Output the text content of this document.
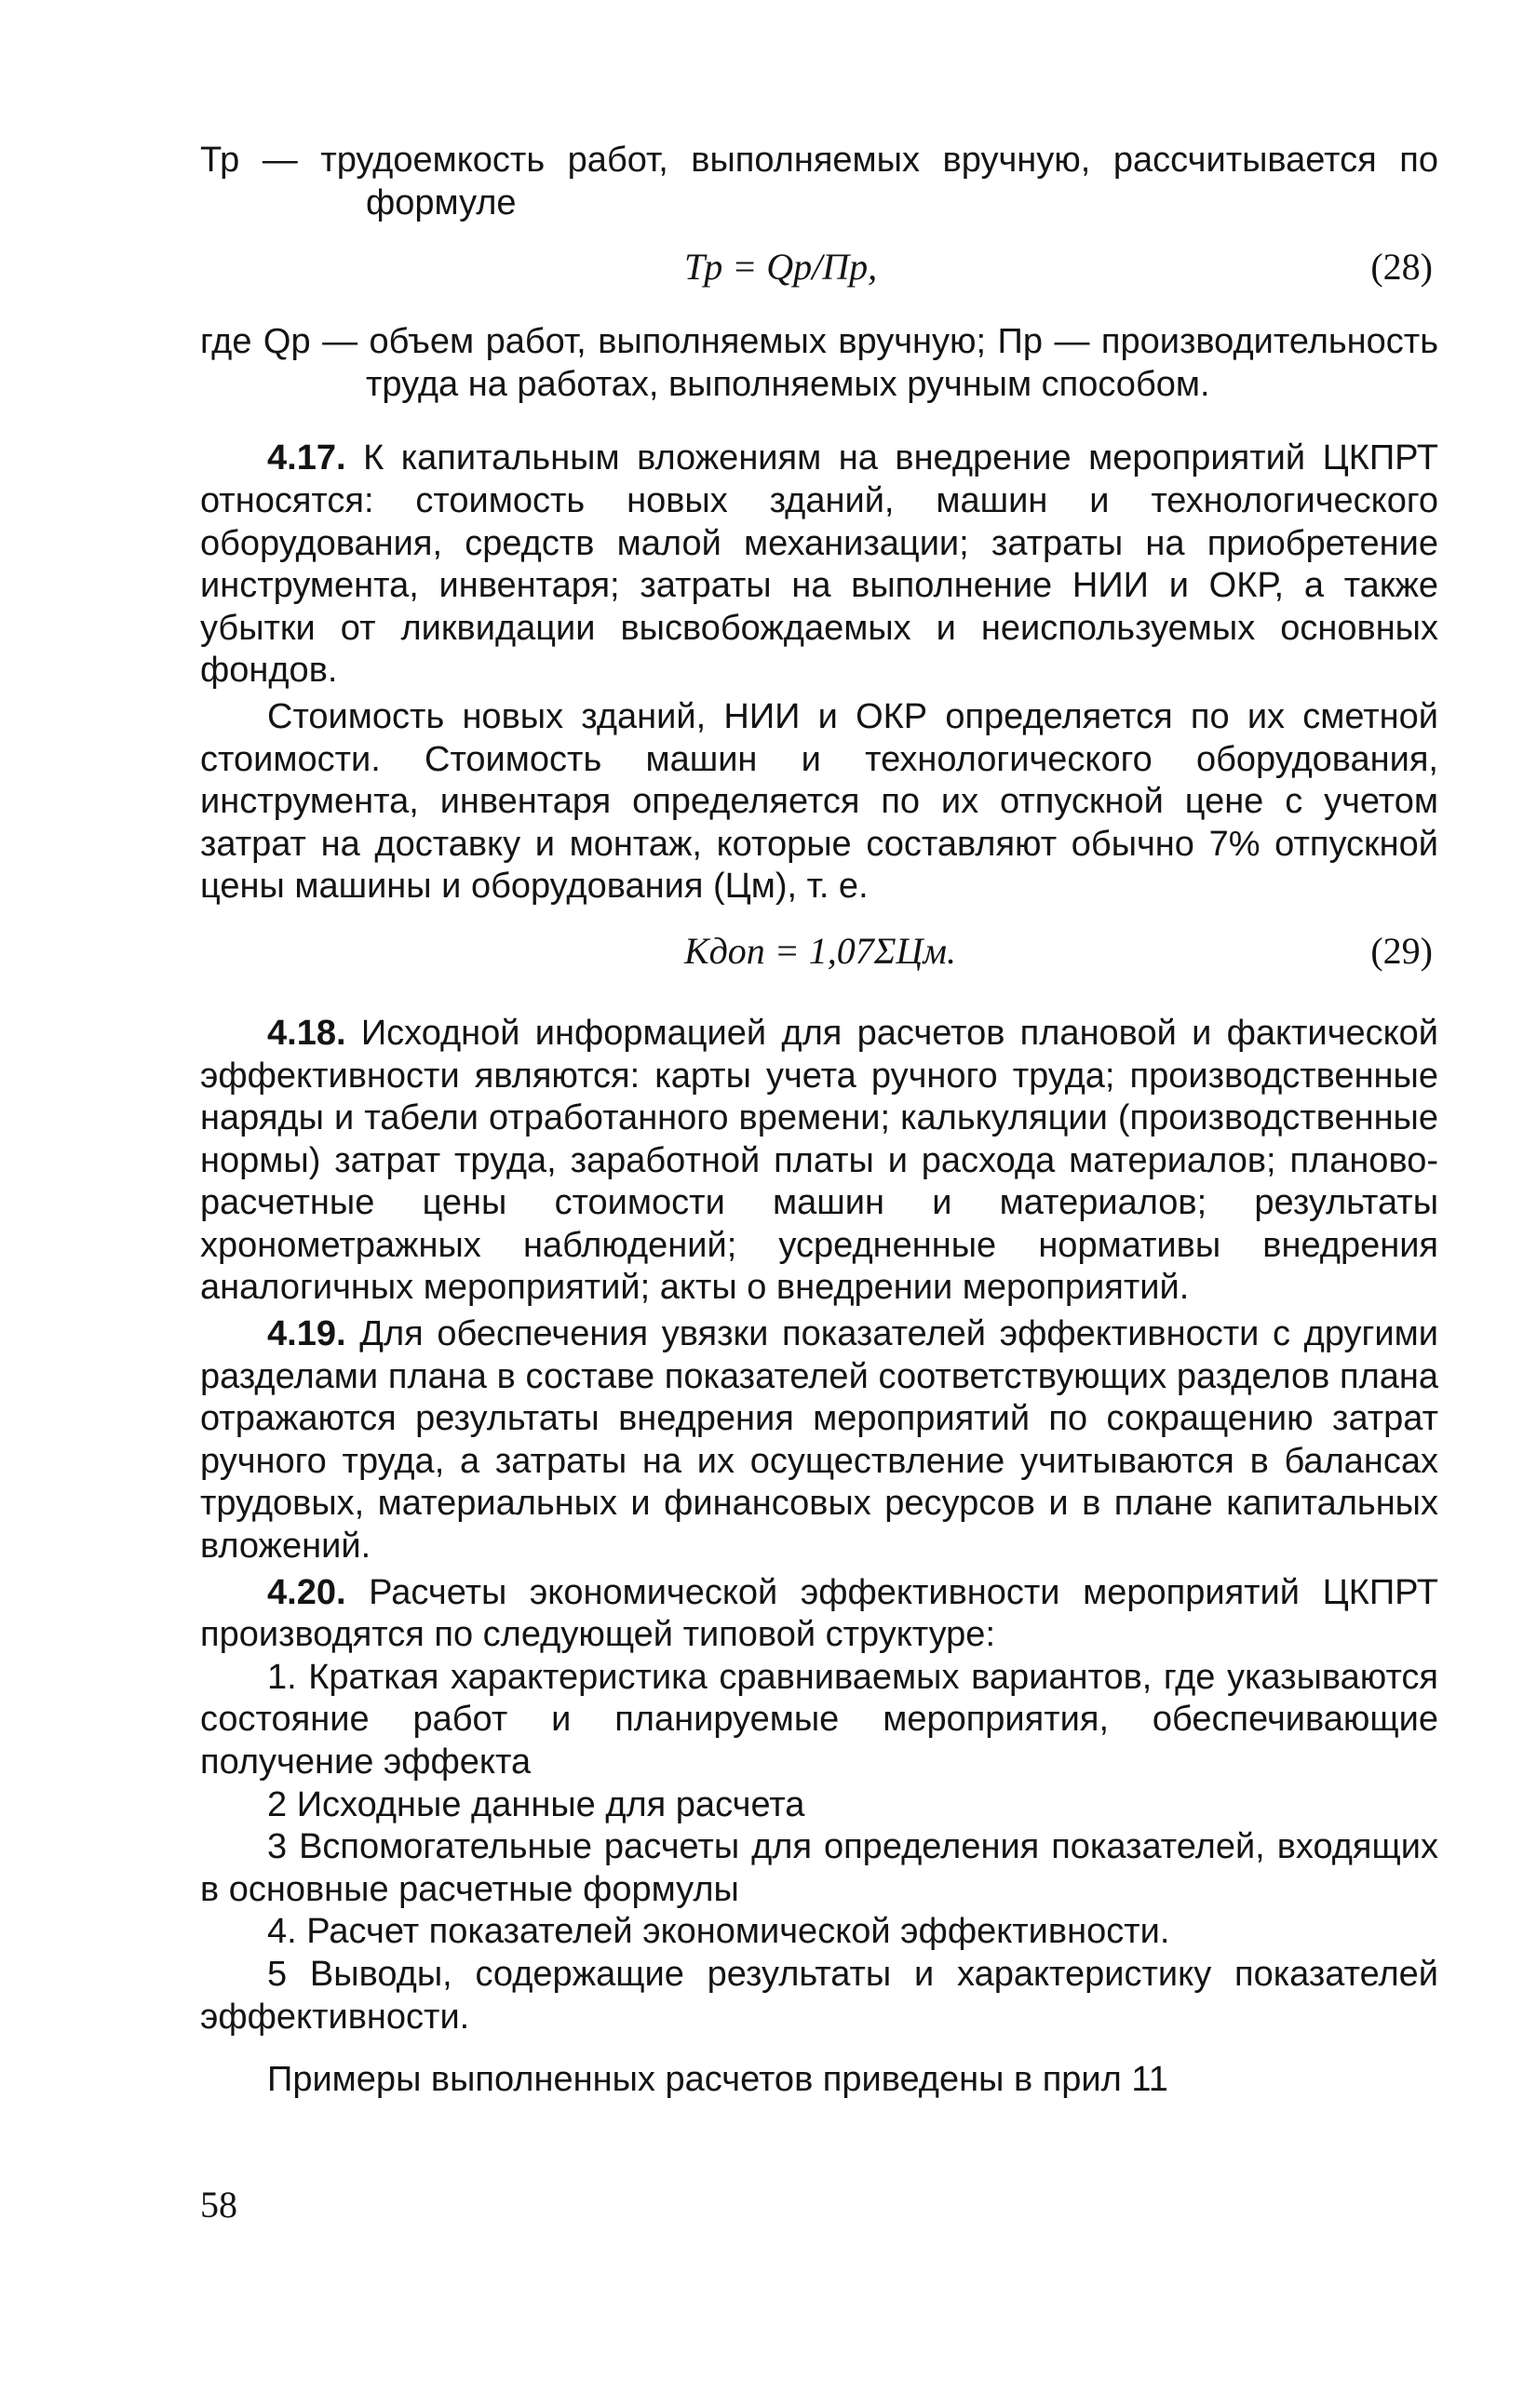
Тр — трудоемкость работ, выполняемых вручную, рассчитывается по формуле

Тр = Qр/Пр,	(28)

где Qр — объем работ, выполняемых вручную; Пр — производительность труда на работах, выполняемых ручным способом.

4.17. К капитальным вложениям на внедрение мероприятий ЦКПРТ относятся: стоимость новых зданий, машин и технологического оборудования, средств малой механизации; затраты на приобретение инструмента, инвентаря; затраты на выполнение НИИ и ОКР, а также убытки от ликвидации высвобождаемых и неиспользуемых основных фондов.

Стоимость новых зданий, НИИ и ОКР определяется по их сметной стоимости. Стоимость машин и технологического оборудования, инструмента, инвентаря определяется по их отпускной цене с учетом затрат на доставку и монтаж, которые составляют обычно 7% отпускной цены машины и оборудования (Цм), т. е.

Кдоп = 1,07ΣЦм.	(29)

4.18. Исходной информацией для расчетов плановой и фактической эффективности являются: карты учета ручного труда; производственные наряды и табели отработанного времени; калькуляции (производственные нормы) затрат труда, заработной платы и расхода материалов; планово-расчетные цены стоимости машин и материалов; результаты хронометражных наблюдений; усредненные нормативы внедрения аналогичных мероприятий; акты о внедрении мероприятий.

4.19. Для обеспечения увязки показателей эффективности с другими разделами плана в составе показателей соответствующих разделов плана отражаются результаты внедрения мероприятий по сокращению затрат ручного труда, а затраты на их осуществление учитываются в балансах трудовых, материальных и финансовых ресурсов и в плане капитальных вложений.

4.20. Расчеты экономической эффективности мероприятий ЦКПРТ производятся по следующей типовой структуре:

1. Краткая характеристика сравниваемых вариантов, где указываются состояние работ и планируемые мероприятия, обеспечивающие получение эффекта

2 Исходные данные для расчета

3 Вспомогательные расчеты для определения показателей, входящих в основные расчетные формулы

4. Расчет показателей экономической эффективности.

5 Выводы, содержащие результаты и характеристику показателей эффективности.

Примеры выполненных расчетов приведены в прил 11

58
